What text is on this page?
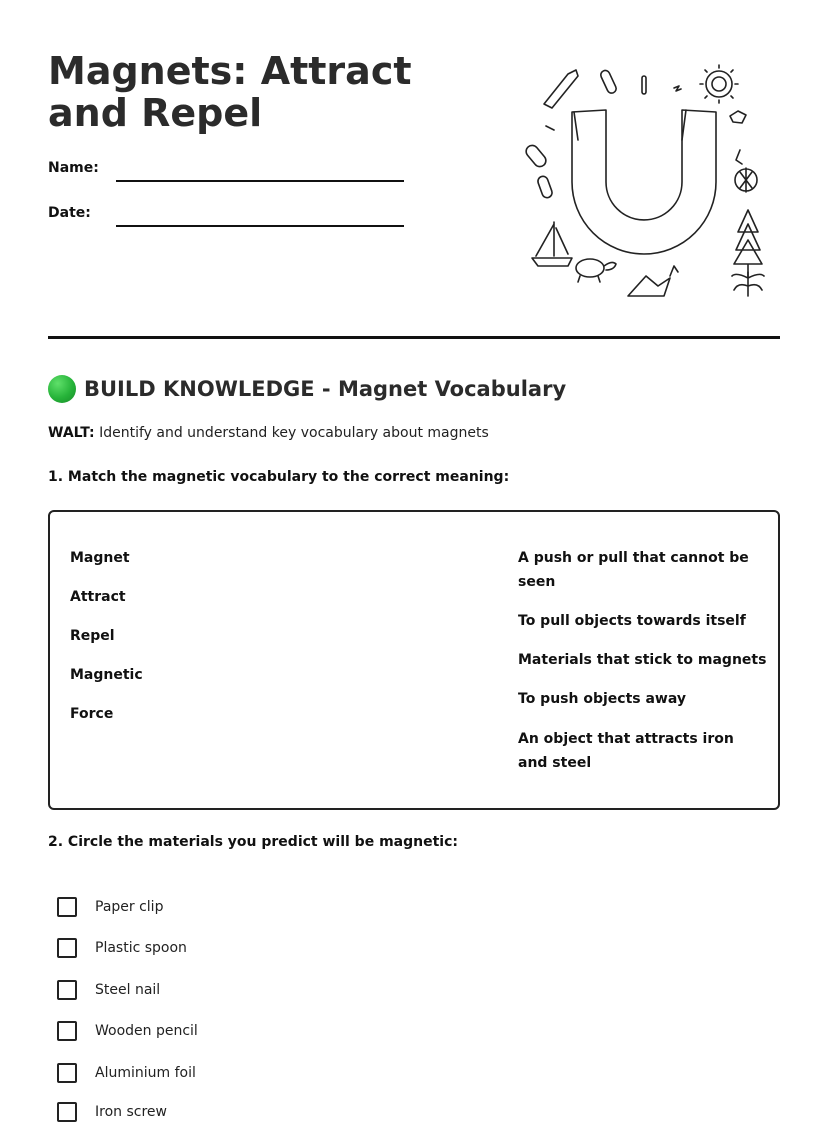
Magnets: Attract and Repel
Name:
Date:
BUILD KNOWLEDGE - Magnet Vocabulary
WALT: Identify and understand key vocabulary about magnets
1. Match the magnetic vocabulary to the correct meaning:
Magnet
Attract
Repel
Magnetic
Force
A push or pull that cannot be seen
To pull objects towards itself
Materials that stick to magnets
To push objects away
An object that attracts iron and steel
2. Circle the materials you predict will be magnetic:
Paper clip
Plastic spoon
Steel nail
Wooden pencil
Aluminium foil
Iron screw
